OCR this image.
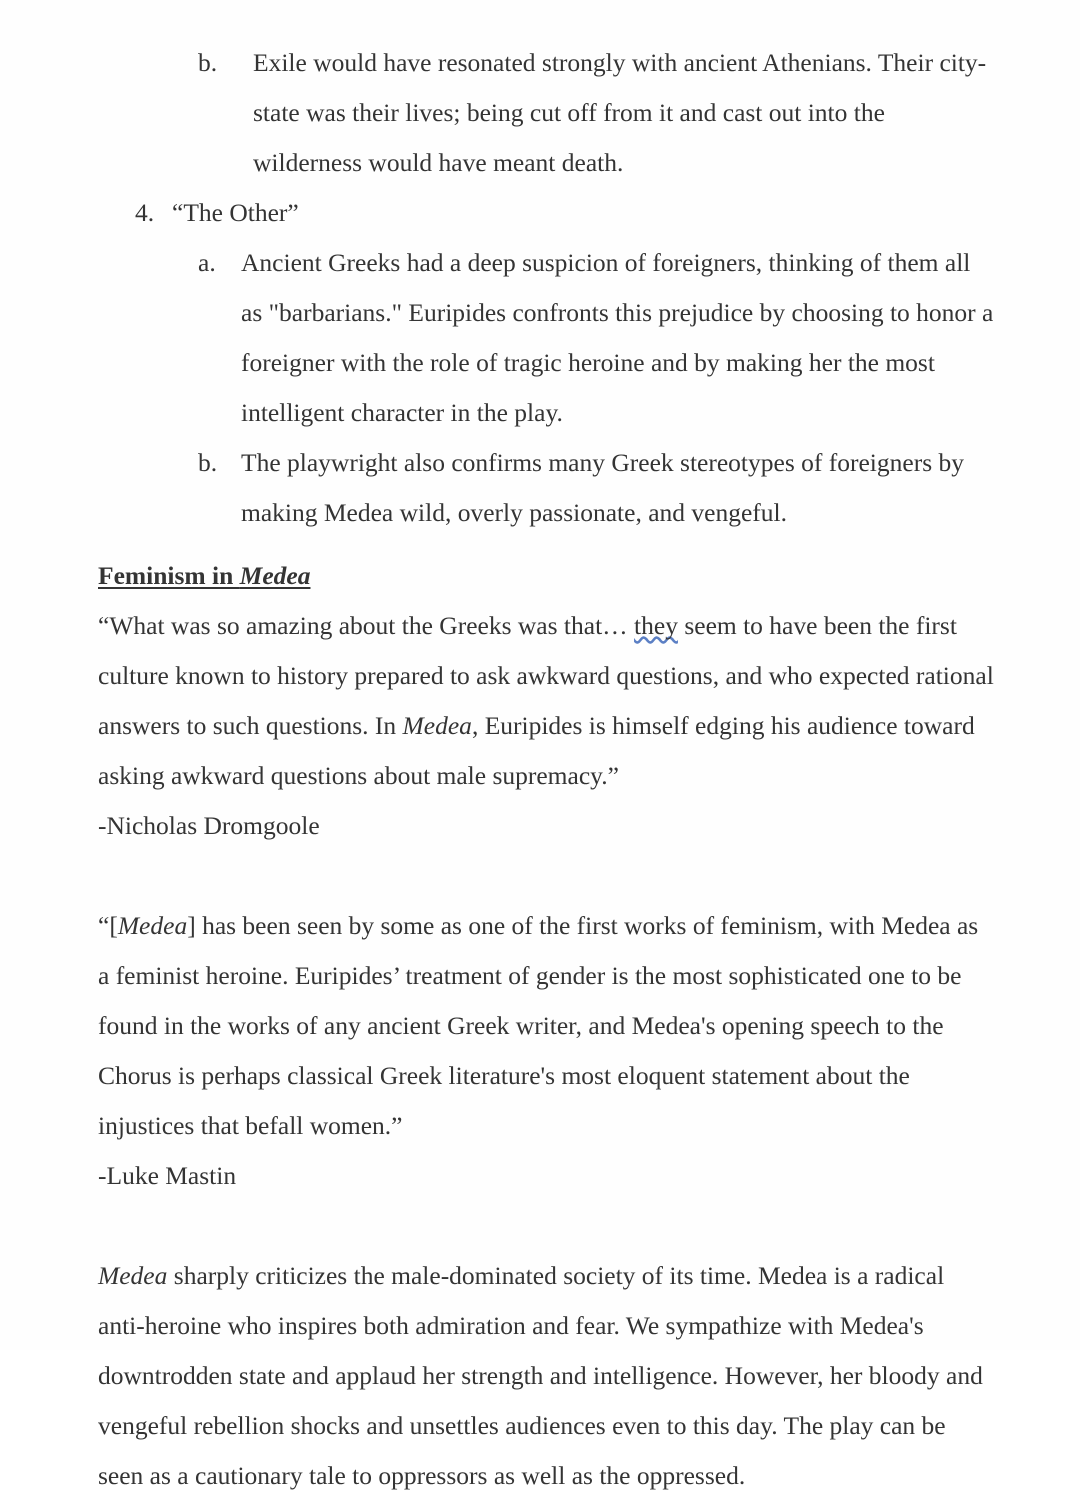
b.	Exile would have resonated strongly with ancient Athenians. Their city-state was their lives; being cut off from it and cast out into the wilderness would have meant death.
4. “The Other”
a. Ancient Greeks had a deep suspicion of foreigners, thinking of them all as "barbarians." Euripides confronts this prejudice by choosing to honor a foreigner with the role of tragic heroine and by making her the most intelligent character in the play.
b. The playwright also confirms many Greek stereotypes of foreigners by making Medea wild, overly passionate, and vengeful.
Feminism in Medea

“What was so amazing about the Greeks was that… they seem to have been the first culture known to history prepared to ask awkward questions, and who expected rational answers to such questions. In Medea, Euripides is himself edging his audience toward asking awkward questions about male supremacy.”

-Nicholas Dromgoole

“[Medea] has been seen by some as one of the first works of feminism, with Medea as a feminist heroine. Euripides’ treatment of gender is the most sophisticated one to be found in the works of any ancient Greek writer, and Medea's opening speech to the Chorus is perhaps classical Greek literature's most eloquent statement about the injustices that befall women.”

-Luke Mastin

Medea sharply criticizes the male-dominated society of its time. Medea is a radical anti-heroine who inspires both admiration and fear. We sympathize with Medea's downtrodden state and applaud her strength and intelligence. However, her bloody and vengeful rebellion shocks and unsettles audiences even to this day. The play can be seen as a cautionary tale to oppressors as well as the oppressed.
